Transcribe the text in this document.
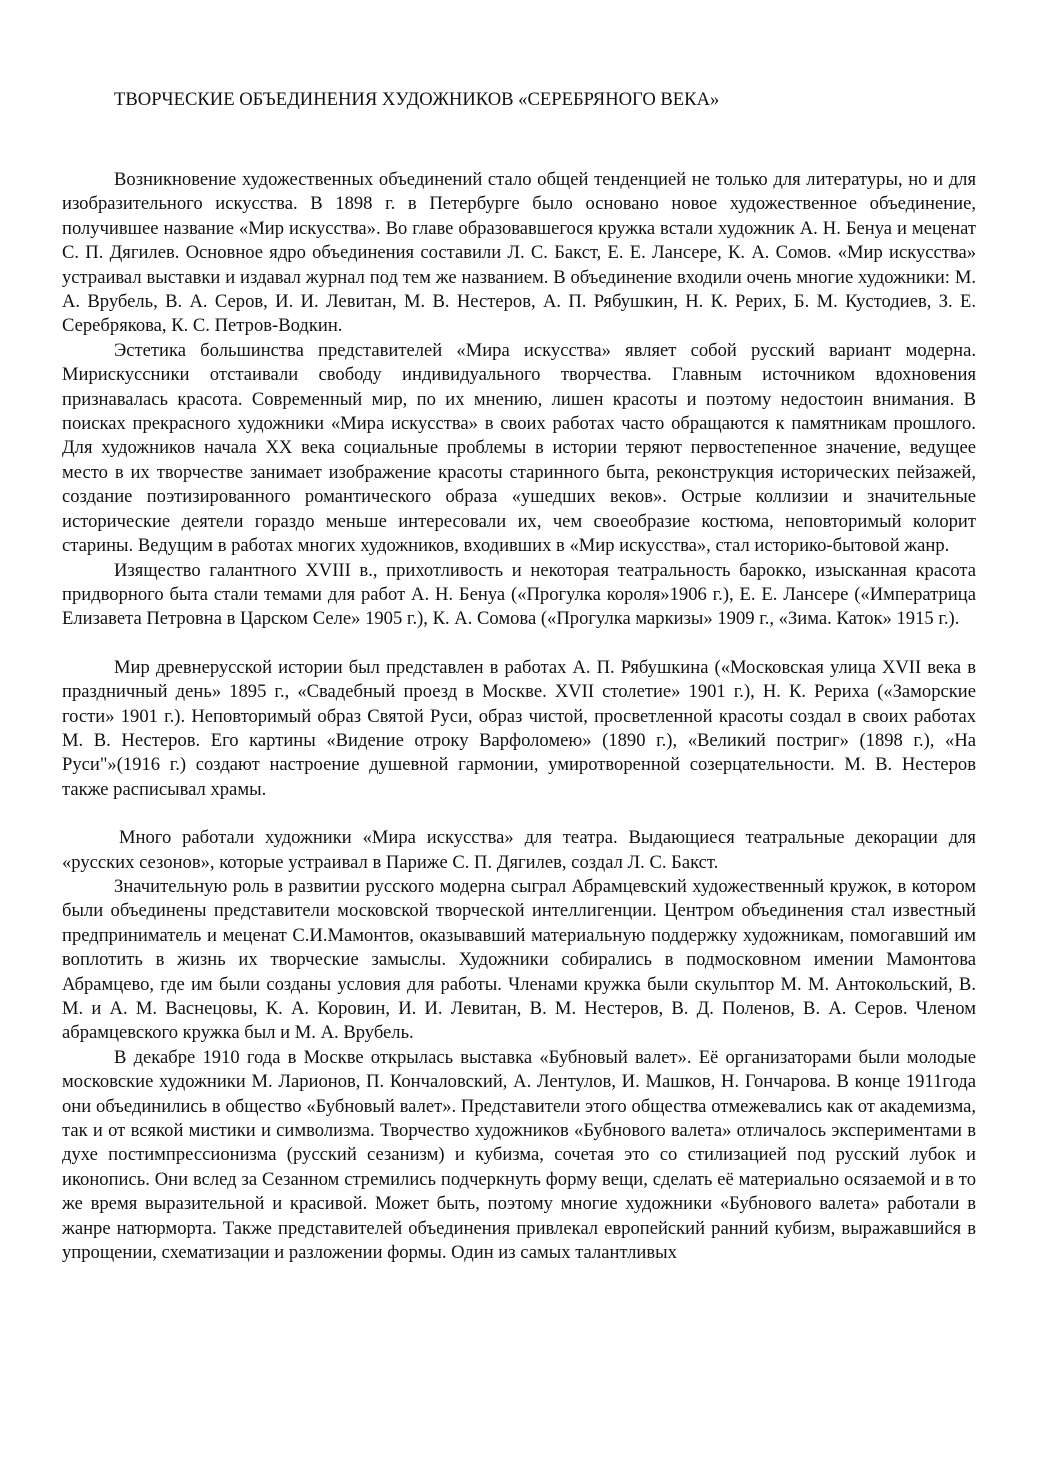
ТВОРЧЕСКИЕ ОБЪЕДИНЕНИЯ ХУДОЖНИКОВ «СЕРЕБРЯНОГО ВЕКА»

Возникновение художественных объединений стало общей тенденцией не только для литературы, но и для изобразительного искусства. В 1898 г. в Петербурге было основано новое художественное объединение, получившее название «Мир искусства». Во главе образовавшегося кружка встали художник А. Н. Бенуа и меценат С. П. Дягилев. Основное ядро объединения составили Л. С. Бакст, Е. Е. Лансере, К. А. Сомов. «Мир искусства» устраивал выставки и издавал журнал под тем же названием. В объединение входили очень многие художники: М. А. Врубель, В. А. Серов, И. И. Левитан, М. В. Нестеров, А. П. Рябушкин, Н. К. Рерих, Б. М. Кустодиев, З. Е. Серебрякова, К. С. Петров-Водкин.

Эстетика большинства представителей «Мира искусства» являет собой русский вариант модерна. Мирискуссники отстаивали свободу индивидуального творчества. Главным источником вдохновения признавалась красота. Современный мир, по их мнению, лишен красоты и поэтому недостоин внимания. В поисках прекрасного художники «Мира искусства» в своих работах часто обращаются к памятникам прошлого. Для художников начала XX века социальные проблемы в истории теряют первостепенное значение, ведущее место в их творчестве занимает изображение красоты старинного быта, реконструкция исторических пейзажей, создание поэтизированного романтического образа «ушедших веков». Острые коллизии и значительные исторические деятели гораздо меньше интересовали их, чем своеобразие костюма, неповторимый колорит старины. Ведущим в работах многих художников, входивших в «Мир искусства», стал историко-бытовой жанр.

Изящество галантного XVIII в., прихотливость и некоторая театральность барокко, изысканная красота придворного быта стали темами для работ А. Н. Бенуа («Прогулка короля»1906 г.), Е. Е. Лансере («Императрица Елизавета Петровна в Царском Селе» 1905 г.), К. А. Сомова («Прогулка маркизы» 1909 г., «Зима. Каток» 1915 г.).

Мир древнерусской истории был представлен в работах А. П. Рябушкина («Московская улица XVII века в праздничный день» 1895 г., «Свадебный проезд в Москве. XVII столетие» 1901 г.), Н. К. Рериха («Заморские гости» 1901 г.). Неповторимый образ Святой Руси, образ чистой, просветленной красоты создал в своих работах М. В. Нестеров. Его картины «Видение отроку Варфоломею» (1890 г.), «Великий постриг» (1898 г.), «На Руси"»(1916 г.) создают настроение душевной гармонии, умиротворенной созерцательности. М. В. Нестеров также расписывал храмы.

Много работали художники «Мира искусства» для театра. Выдающиеся театральные декорации для «русских сезонов», которые устраивал в Париже С. П. Дягилев, создал Л. С. Бакст.

Значительную роль в развитии русского модерна сыграл Абрамцевский художественный кружок, в котором были объединены представители московской творческой интеллигенции. Центром объединения стал известный предприниматель и меценат С.И.Мамонтов, оказывавший материальную поддержку художникам, помогавший им воплотить в жизнь их творческие замыслы. Художники собирались в подмосковном имении Мамонтова Абрамцево, где им были созданы условия для работы. Членами кружка были скульптор М. М. Антокольский, В. М. и А. М. Васнецовы, К. А. Коровин, И. И. Левитан, В. М. Нестеров, В. Д. Поленов, В. А. Серов. Членом абрамцевского кружка был и М. А. Врубель.

В декабре 1910 года в Москве открылась выставка «Бубновый валет». Её организаторами были молодые московские художники М. Ларионов, П. Кончаловский, А. Лентулов, И. Машков, Н. Гончарова. В конце 1911года они объединились в общество «Бубновый валет». Представители этого общества отмежевались как от академизма, так и от всякой мистики и символизма. Творчество художников «Бубнового валета» отличалось экспериментами в духе постимпрессионизма (русский сезанизм) и кубизма, сочетая это со стилизацией под русский лубок и иконопись. Они вслед за Сезанном стремились подчеркнуть форму вещи, сделать её материально осязаемой и в то же время выразительной и красивой. Может быть, поэтому многие художники «Бубнового валета» работали в жанре натюрморта. Также представителей объединения привлекал европейский ранний кубизм, выражавшийся в упрощении, схематизации и разложении формы. Один из самых талантливых
